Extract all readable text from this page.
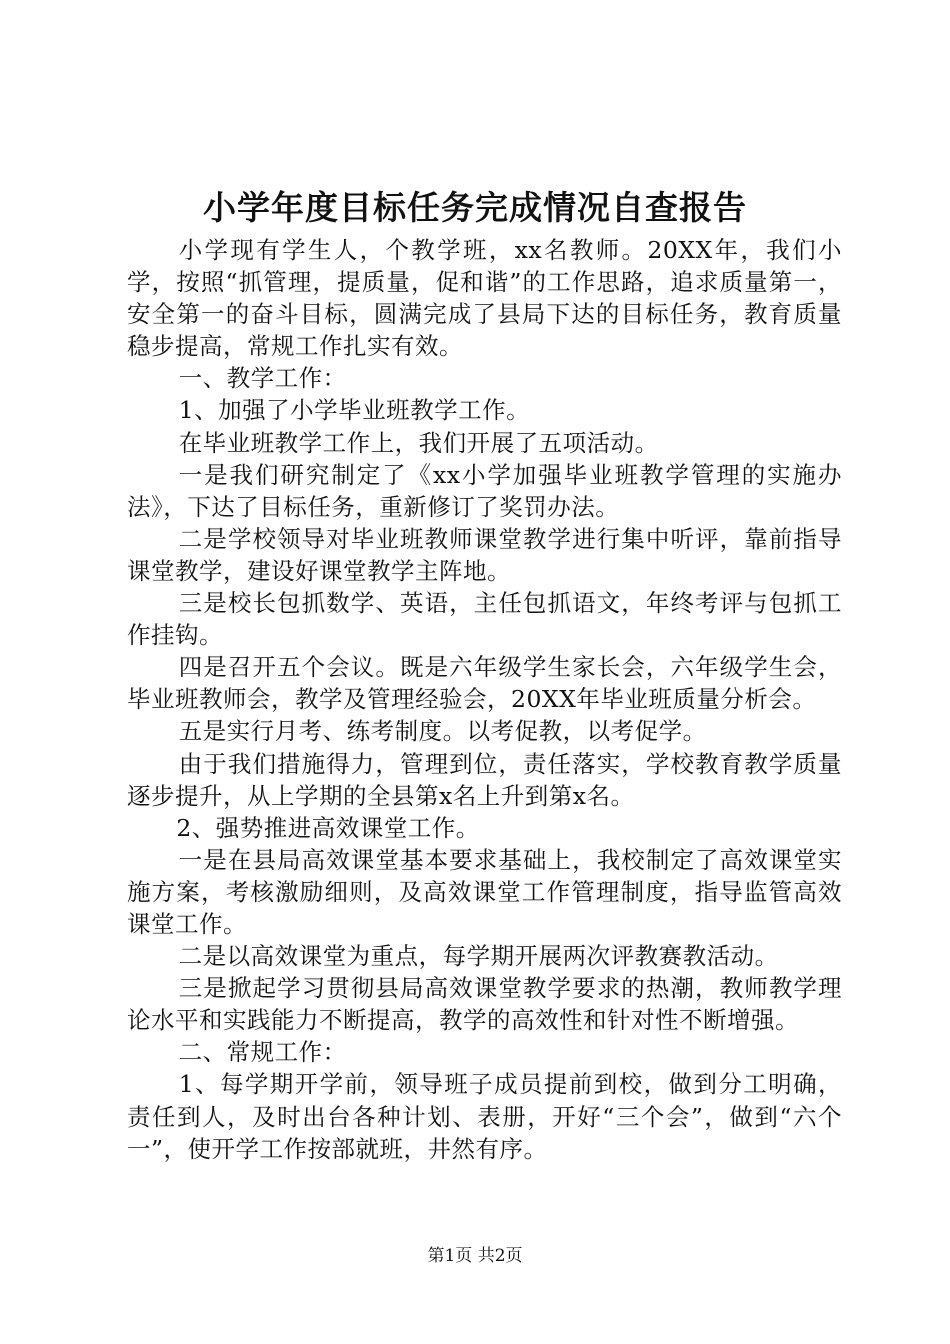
小学年度目标任务完成情况自查报告

小学现有学生人，个教学班，xx名教师。20XX年，我们小学，按照“抓管理，提质量，促和谐”的工作思路，追求质量第一，安全第一的奋斗目标，圆满完成了县局下达的目标任务，教育质量稳步提高，常规工作扎实有效。

一、教学工作：

1、加强了小学毕业班教学工作。

在毕业班教学工作上，我们开展了五项活动。

一是我们研究制定了《xx小学加强毕业班教学管理的实施办法》，下达了目标任务，重新修订了奖罚办法。

二是学校领导对毕业班教师课堂教学进行集中听评，靠前指导课堂教学，建设好课堂教学主阵地。

三是校长包抓数学、英语，主任包抓语文，年终考评与包抓工作挂钩。

四是召开五个会议。既是六年级学生家长会，六年级学生会，毕业班教师会，教学及管理经验会，20XX年毕业班质量分析会。

五是实行月考、练考制度。以考促教，以考促学。

由于我们措施得力，管理到位，责任落实，学校教育教学质量逐步提升，从上学期的全县第x名上升到第x名。

2、强势推进高效课堂工作。

一是在县局高效课堂基本要求基础上，我校制定了高效课堂实施方案，考核激励细则，及高效课堂工作管理制度，指导监管高效课堂工作。

二是以高效课堂为重点，每学期开展两次评教赛教活动。

三是掀起学习贯彻县局高效课堂教学要求的热潮，教师教学理论水平和实践能力不断提高，教学的高效性和针对性不断增强。

二、常规工作：

1、每学期开学前，领导班子成员提前到校，做到分工明确，责任到人，及时出台各种计划、表册，开好“三个会”，做到“六个一”，使开学工作按部就班，井然有序。

第1页 共2页
